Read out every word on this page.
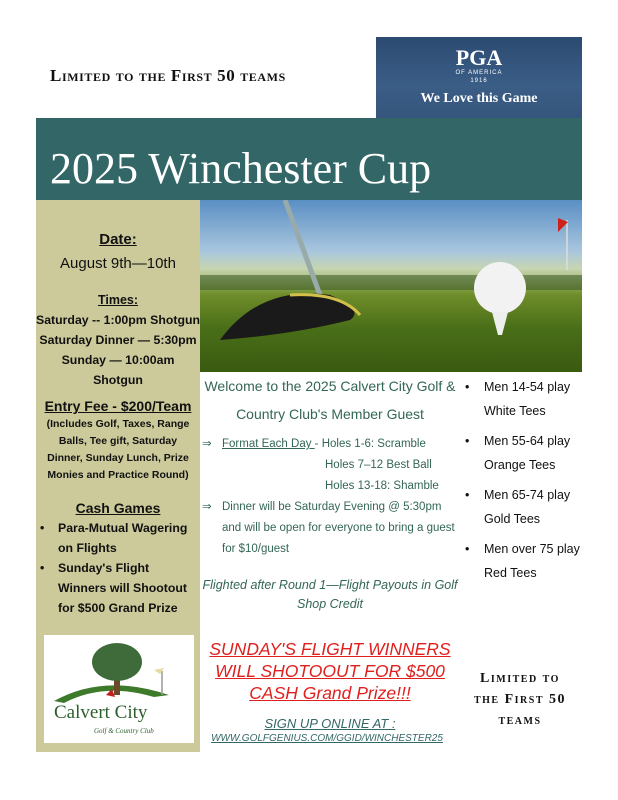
Limited to the First 50 teams
PGA
OF AMERICA
1916
We Love this Game
2025 Winchester Cup

Date:

August 9th—10th

Times:

Saturday -- 1:00pm Shotgun

Saturday Dinner — 5:30pm

Sunday — 10:00am Shotgun

Entry Fee - $200/Team

(Includes Golf, Taxes, Range Balls, Tee gift, Saturday Dinner, Sunday Lunch, Prize Monies and Practice Round)

Cash Games

• Para-Mutual Wagering on Flights
• Sunday's Flight Winners will Shootout for $500 Grand Prize
Calvert City
Golf & Country Club

Welcome to the 2025 Calvert City Golf & Country Club's Member Guest

⇒ Format Each Day - Holes 1-6: Scramble
Holes 7–12 Best Ball
Holes 13-18: Shamble
⇒ Dinner will be Saturday Evening @ 5:30pm and will be open for everyone to bring a guest for $10/guest

Flighted after Round 1—Flight Payouts in Golf Shop Credit

SUNDAY'S FLIGHT WINNERS WILL SHOTOOUT FOR $500 CASH Grand Prize!!!

SIGN UP ONLINE AT :

WWW.GOLFGENIUS.COM/GGID/WINCHESTER25

• Men 14-54 play White Tees
• Men 55-64 play Orange Tees
• Men 65-74 play Gold Tees
• Men over 75 play Red Tees
Limited to the First 50 teams
